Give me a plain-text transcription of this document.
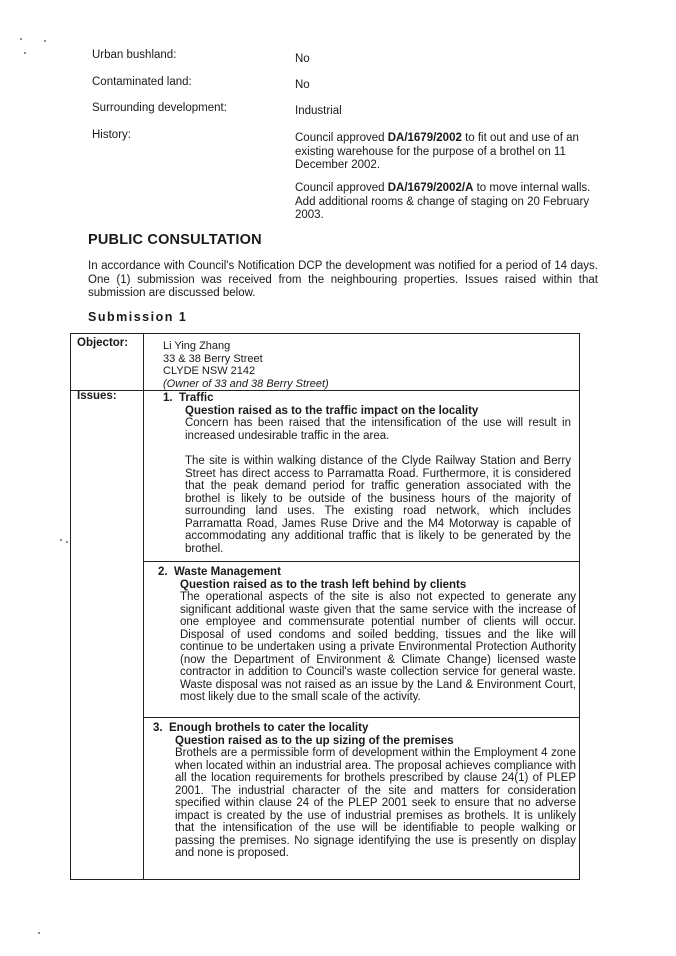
Urban bushland:	No
Contaminated land:	No
Surrounding development:	Industrial
History:	Council approved DA/1679/2002 to fit out and use of an existing warehouse for the purpose of a brothel on 11 December 2002.
Council approved DA/1679/2002/A to move internal walls. Add additional rooms & change of staging on 20 February 2003.
PUBLIC CONSULTATION
In accordance with Council's Notification DCP the development was notified for a period of 14 days. One (1) submission was received from the neighbouring properties. Issues raised within that submission are discussed below.
Submission 1
Objector:	Li Ying Zhang
33 & 38 Berry Street
CLYDE NSW 2142
(Owner of 33 and 38 Berry Street)
Issues:	1. Traffic
Question raised as to the traffic impact on the locality

Concern has been raised that the intensification of the use will result in increased undesirable traffic in the area.

The site is within walking distance of the Clyde Railway Station and Berry Street has direct access to Parramatta Road. Furthermore, it is considered that the peak demand period for traffic generation associated with the brothel is likely to be outside of the business hours of the majority of surrounding land uses. The existing road network, which includes Parramatta Road, James Ruse Drive and the M4 Motorway is capable of accommodating any additional traffic that is likely to be generated by the brothel.

2. Waste Management
Question raised as to the trash left behind by clients

The operational aspects of the site is also not expected to generate any significant additional waste given that the same service with the increase of one employee and commensurate potential number of clients will occur. Disposal of used condoms and soiled bedding, tissues and the like will continue to be undertaken using a private Environmental Protection Authority (now the Department of Environment & Climate Change) licensed waste contractor in addition to Council's waste collection service for general waste. Waste disposal was not raised as an issue by the Land & Environment Court, most likely due to the small scale of the activity.

3. Enough brothels to cater the locality
Question raised as to the up sizing of the premises

Brothels are a permissible form of development within the Employment 4 zone when located within an industrial area. The proposal achieves compliance with all the location requirements for brothels prescribed by clause 24(1) of PLEP 2001. The industrial character of the site and matters for consideration specified within clause 24 of the PLEP 2001 seek to ensure that no adverse impact is created by the use of industrial premises as brothels. It is unlikely that the intensification of the use will be identifiable to people walking or passing the premises. No signage identifying the use is presently on display and none is proposed.
